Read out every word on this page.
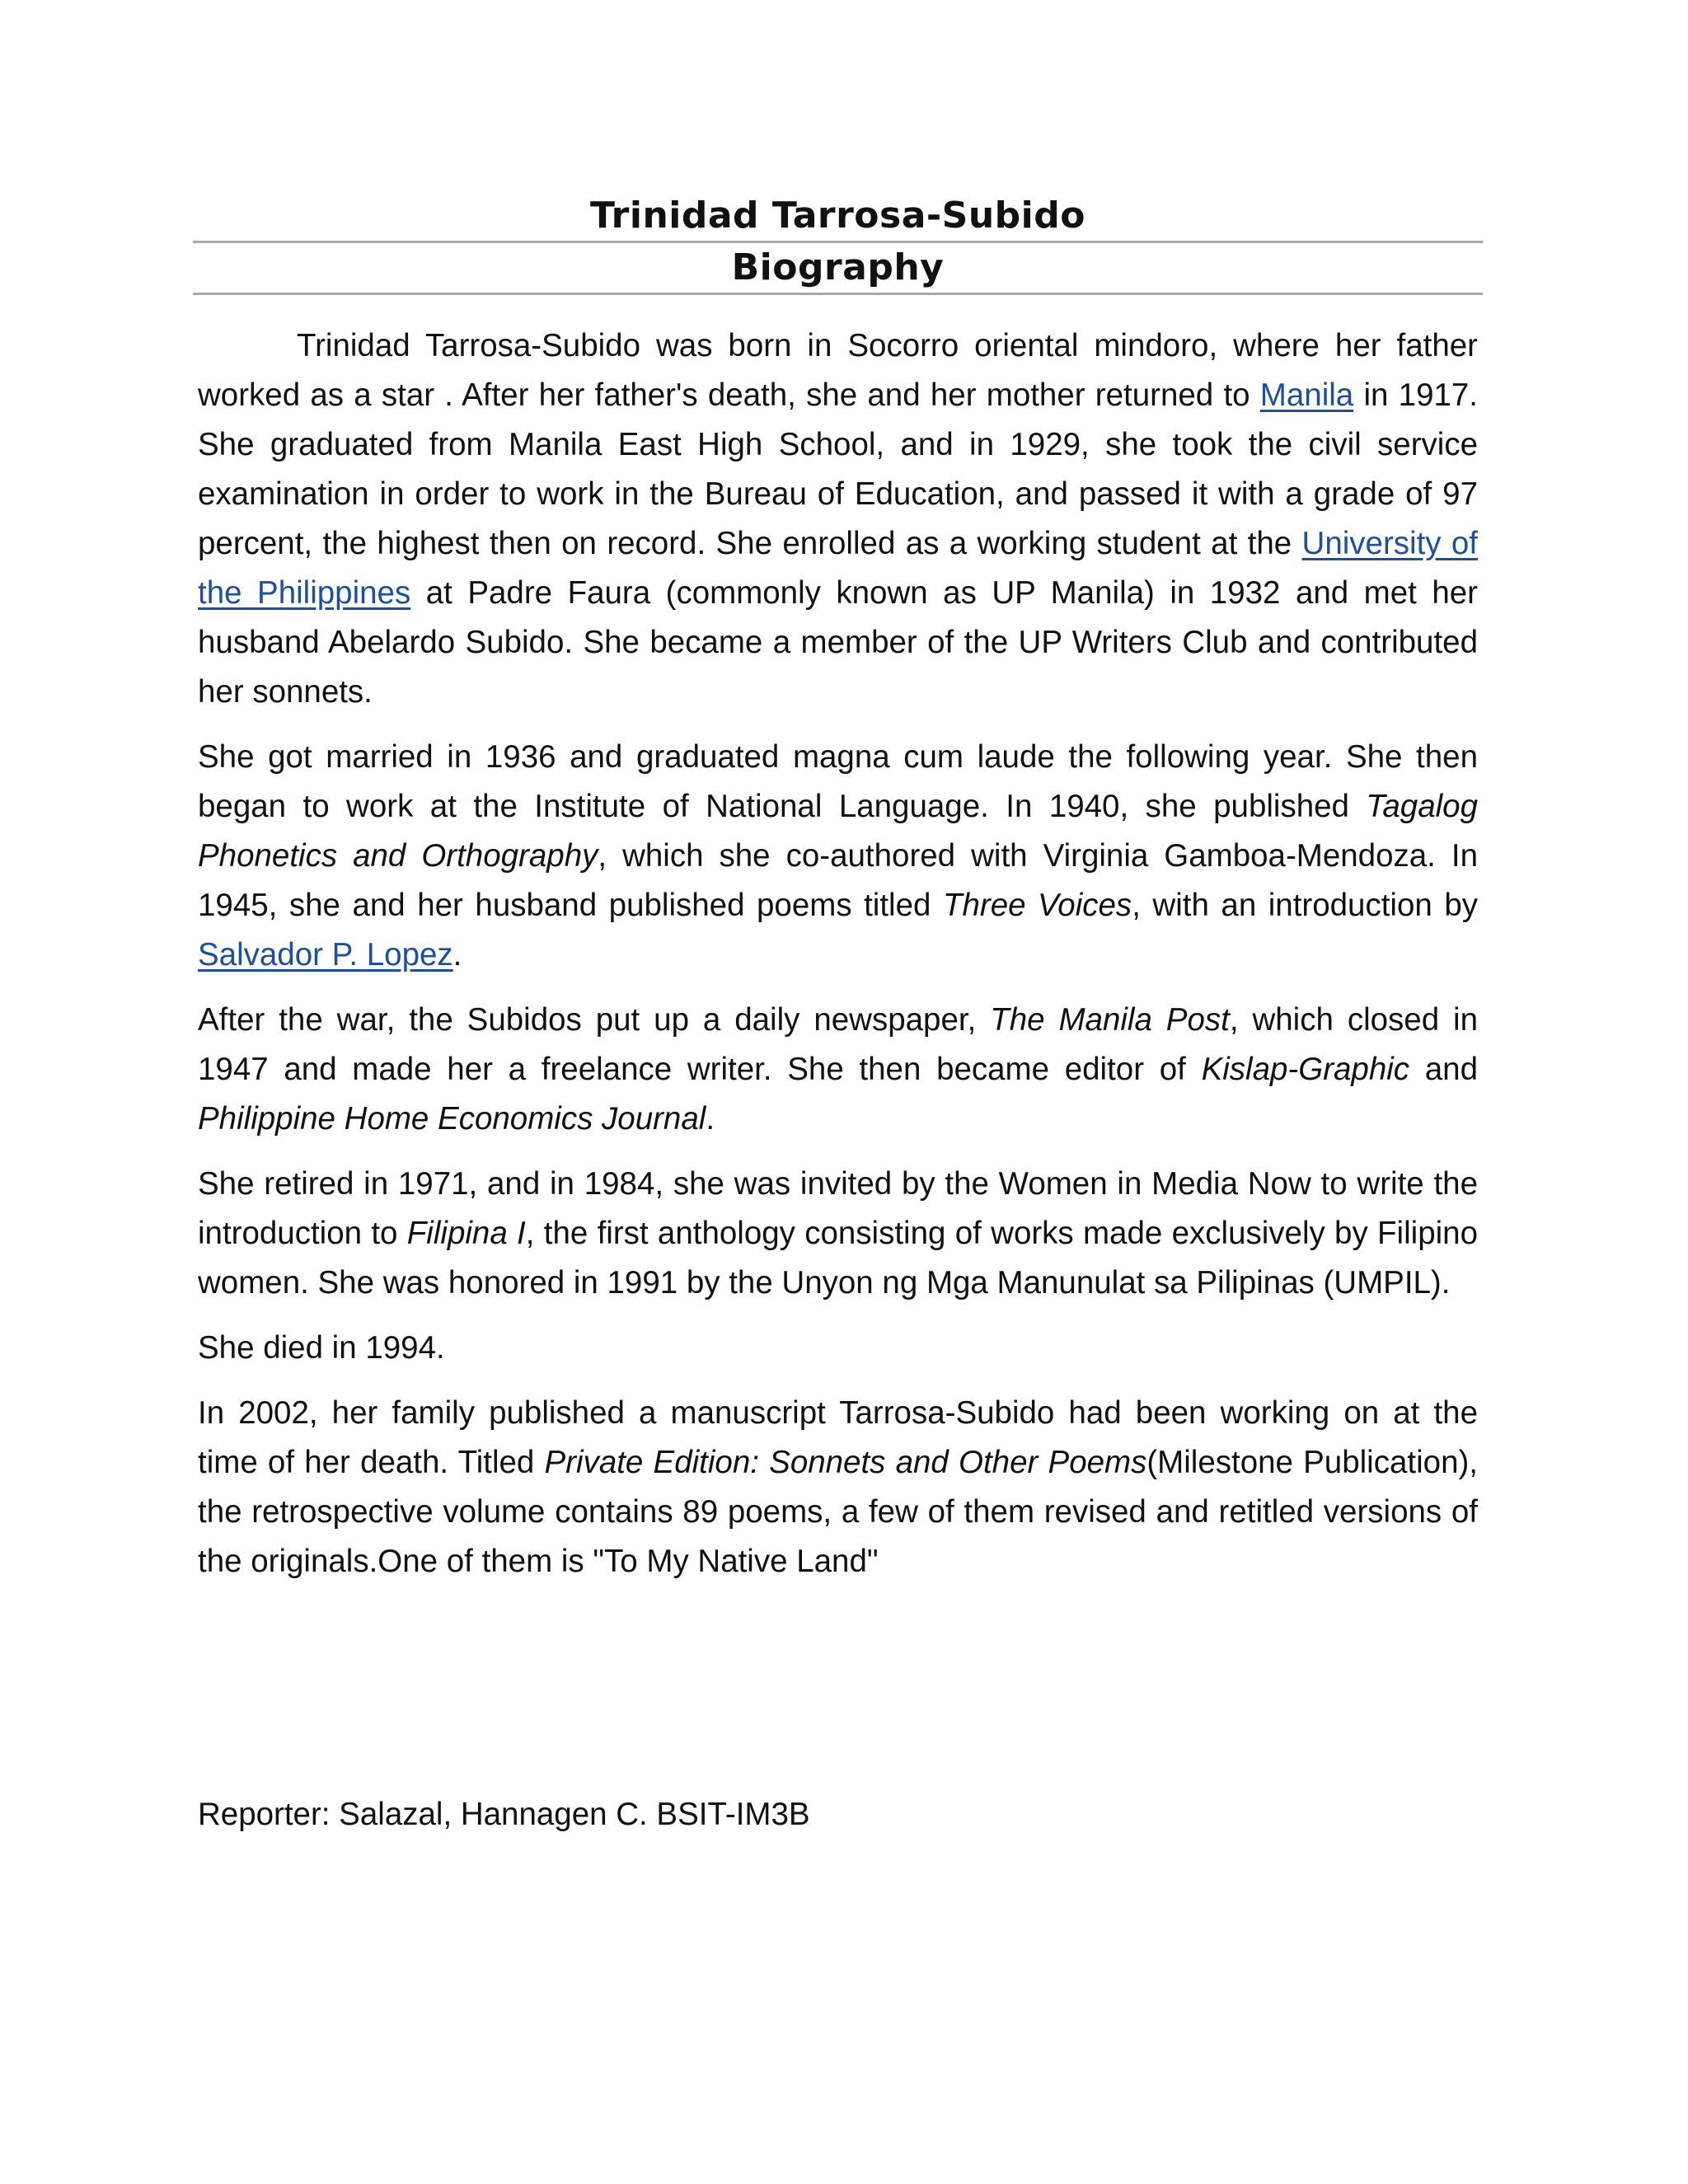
Trinidad Tarrosa-Subido
Biography

Trinidad Tarrosa-Subido was born in Socorro oriental mindoro, where her father worked as a star . After her father's death, she and her mother returned to Manila in 1917. She graduated from Manila East High School, and in 1929, she took the civil service examination in order to work in the Bureau of Education, and passed it with a grade of 97 percent, the highest then on record. She enrolled as a working student at the University of the Philippines at Padre Faura (commonly known as UP Manila) in 1932 and met her husband Abelardo Subido. She became a member of the UP Writers Club and contributed her sonnets.

She got married in 1936 and graduated magna cum laude the following year. She then began to work at the Institute of National Language. In 1940, she published Tagalog Phonetics and Orthography, which she co-authored with Virginia Gamboa-Mendoza. In 1945, she and her husband published poems titled Three Voices, with an introduction by Salvador P. Lopez.

After the war, the Subidos put up a daily newspaper, The Manila Post, which closed in 1947 and made her a freelance writer. She then became editor of Kislap-Graphic and Philippine Home Economics Journal.

She retired in 1971, and in 1984, she was invited by the Women in Media Now to write the introduction to Filipina I, the first anthology consisting of works made exclusively by Filipino women. She was honored in 1991 by the Unyon ng Mga Manunulat sa Pilipinas (UMPIL).

She died in 1994.

In 2002, her family published a manuscript Tarrosa-Subido had been working on at the time of her death. Titled Private Edition: Sonnets and Other Poems(Milestone Publication), the retrospective volume contains 89 poems, a few of them revised and retitled versions of the originals.One of them is "To My Native Land"

Reporter: Salazal, Hannagen C. BSIT-IM3B
